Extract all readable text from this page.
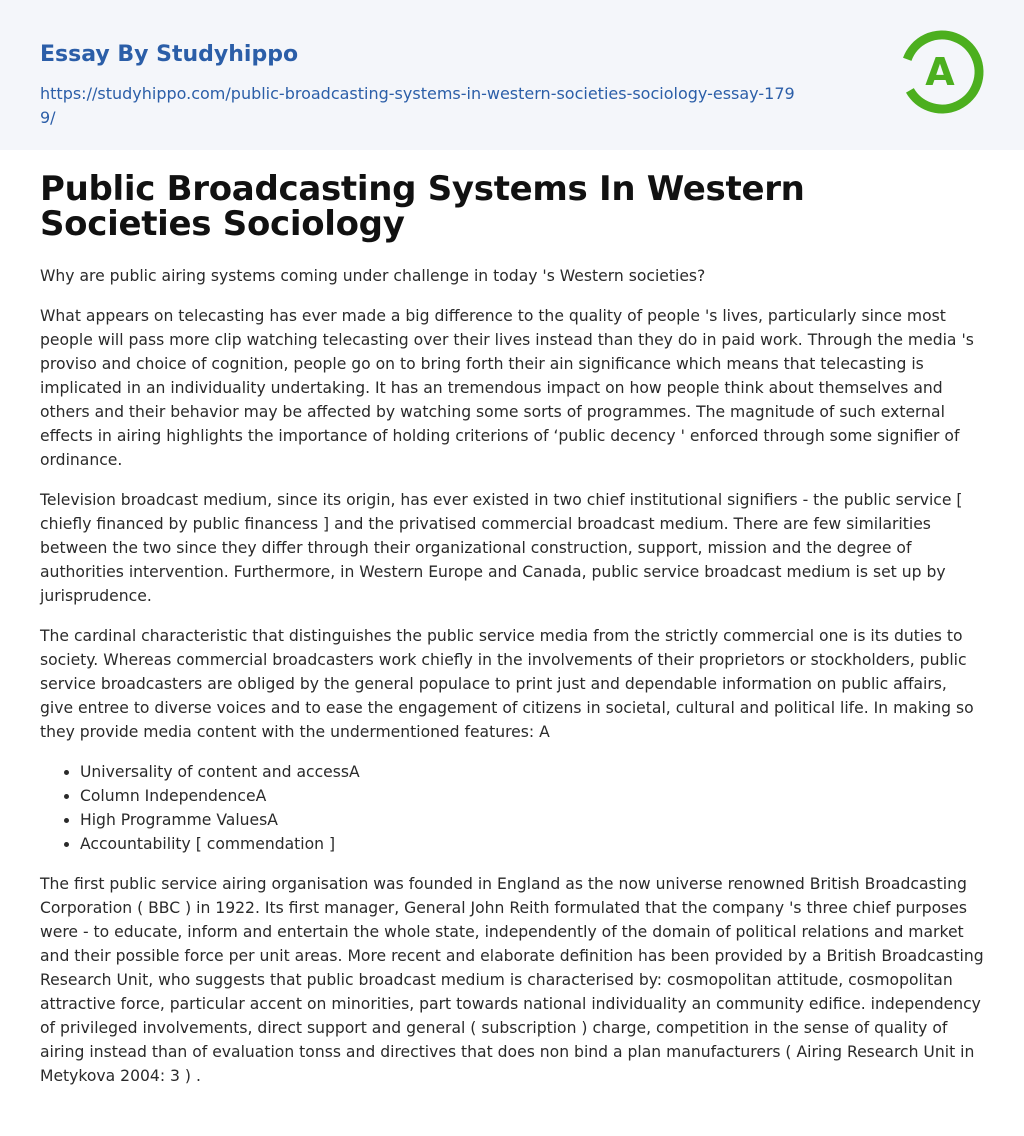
Essay By Studyhippo
https://studyhippo.com/public-broadcasting-systems-in-western-societies-sociology-essay-1799/
A
Public Broadcasting Systems In Western Societies Sociology

Why are public airing systems coming under challenge in today 's Western societies?

What appears on telecasting has ever made a big difference to the quality of people 's lives, particularly since most people will pass more clip watching telecasting over their lives instead than they do in paid work. Through the media 's proviso and choice of cognition, people go on to bring forth their ain significance which means that telecasting is implicated in an individuality undertaking. It has an tremendous impact on how people think about themselves and others and their behavior may be affected by watching some sorts of programmes. The magnitude of such external effects in airing highlights the importance of holding criterions of ‘public decency ' enforced through some signifier of ordinance.

Television broadcast medium, since its origin, has ever existed in two chief institutional signifiers - the public service [ chiefly financed by public financess ] and the privatised commercial broadcast medium. There are few similarities between the two since they differ through their organizational construction, support, mission and the degree of authorities intervention. Furthermore, in Western Europe and Canada, public service broadcast medium is set up by jurisprudence.

The cardinal characteristic that distinguishes the public service media from the strictly commercial one is its duties to society. Whereas commercial broadcasters work chiefly in the involvements of their proprietors or stockholders, public service broadcasters are obliged by the general populace to print just and dependable information on public affairs, give entree to diverse voices and to ease the engagement of citizens in societal, cultural and political life. In making so they provide media content with the undermentioned features: A

• Universality of content and accessA
• Column IndependenceA
• High Programme ValuesA
• Accountability [ commendation ]

The first public service airing organisation was founded in England as the now universe renowned British Broadcasting Corporation ( BBC ) in 1922. Its first manager, General John Reith formulated that the company 's three chief purposes were - to educate, inform and entertain the whole state, independently of the domain of political relations and market and their possible force per unit areas. More recent and elaborate definition has been provided by a British Broadcasting Research Unit, who suggests that public broadcast medium is characterised by: cosmopolitan attitude, cosmopolitan attractive force, particular accent on minorities, part towards national individuality an community edifice. independency of privileged involvements, direct support and general ( subscription ) charge, competition in the sense of quality of airing instead than of evaluation tonss and directives that does non bind a plan manufacturers ( Airing Research Unit in Metykova 2004: 3 ) .
